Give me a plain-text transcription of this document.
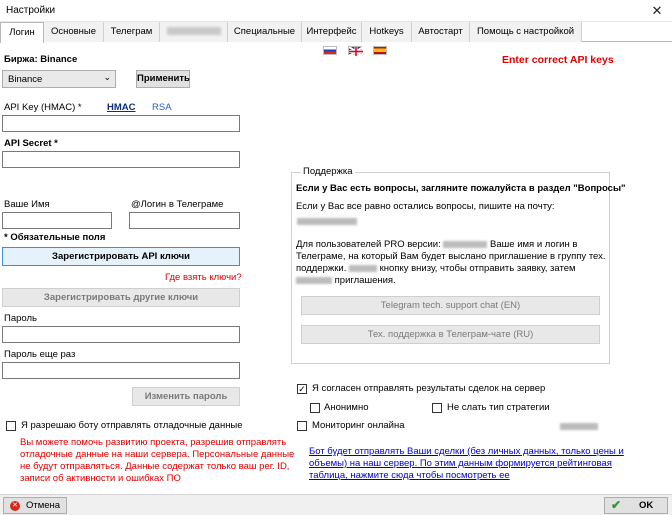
Настройки	✕
Логин	Основные	Телеграм	Специальные	Интерфейс	Hotkeys	Автостарт	Помощь с настройкой
Enter correct API keys
Биржа: Binance
Binance	⌄	Применить
API Key (HMAC) *	HMAC RSA
API Secret *
Ваше Имя	@Логин в Телеграме
* Обязательные поля
Зарегистрировать API ключи
Где взять ключи?
Зарегистрировать другие ключи
Пароль
Пароль еще раз
Изменить пароль
Я разрешаю боту отправлять отладочные данные
Вы можете помочь развитию проекта, разрешив отправлять
отладочные данные на наши сервера. Персональные данные
не будут отправляться. Данные содержат только ваш рег. ID,
записи об активности и ошибках ПО
Поддержка
Если у Вас есть вопросы, загляните пожалуйста в раздел "Вопросы"
Если у Вас все равно остались вопросы, пишите на почту:
Для пользователей PRO версии:	Ваше имя и логин в
Телеграме, на который Вам будет выслано приглашение в группу тех.
поддержки.	кнопку внизу, чтобы отправить заявку, затем
приглашения.
Telegram tech. support chat (EN)
Тех. поддержка в Телеграм-чате (RU)
✓ Я согласен отправлять результаты сделок на сервер
Анонимно	Не слать тип стратегии
Мониторинг онлайна
Бот будет отправлять Ваши сделки (без личных данных, только цены и
объемы) на наш сервер. По этим данным формируется рейтинговая
таблица, нажмите сюда чтобы посмотреть ее
✕ Отмена	✔ OK
